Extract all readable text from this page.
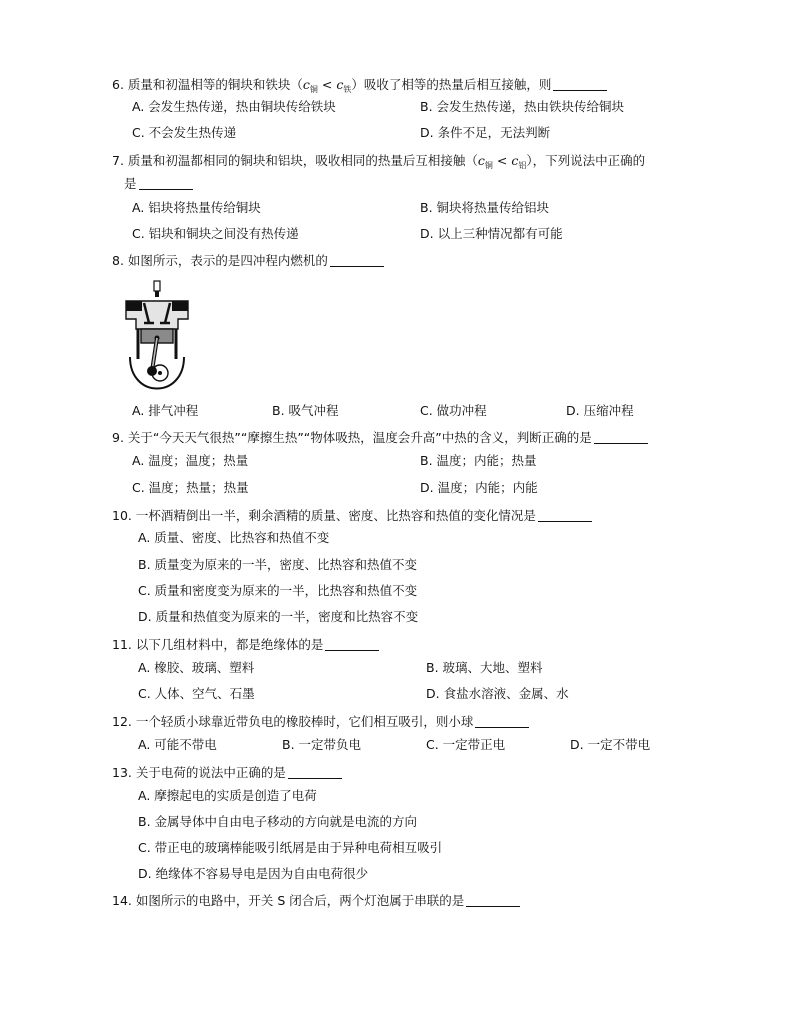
6. 质量和初温相等的铜块和铁块$(c_铜 < c_铁)$吸收了相等的热量后相互接触，则
A. 会发生热传递，热由铜块传给铁块	B. 会发生热传递，热由铁块传给铜块
C. 不会发生热传递	D. 条件不足，无法判断
7. 质量和初温都相同的铜块和铝块，吸收相同的热量后互相接触$(c_铜 < c_铝)$，下列说法中正确的
是
A. 铝块将热量传给铜块	B. 铜块将热量传给铝块
C. 铝块和铜块之间没有热传递	D. 以上三种情况都有可能
8. 如图所示，表示的是四冲程内燃机的
A. 排气冲程	B. 吸气冲程	C. 做功冲程	D. 压缩冲程
9. 关于“今天天气很热”“摩擦生热”“物体吸热，温度会升高”中热的含义，判断正确的是
A. 温度；温度；热量	B. 温度；内能；热量
C. 温度；热量；热量	D. 温度；内能；内能
10. 一杯酒精倒出一半，剩余酒精的质量、密度、比热容和热值的变化情况是
A. 质量、密度、比热容和热值不变
B. 质量变为原来的一半，密度、比热容和热值不变
C. 质量和密度变为原来的一半，比热容和热值不变
D. 质量和热值变为原来的一半，密度和比热容不变
11. 以下几组材料中，都是绝缘体的是
A. 橡胶、玻璃、塑料	B. 玻璃、大地、塑料
C. 人体、空气、石墨	D. 食盐水溶液、金属、水
12. 一个轻质小球靠近带负电的橡胶棒时，它们相互吸引，则小球
A. 可能不带电	B. 一定带负电	C. 一定带正电	D. 一定不带电
13. 关于电荷的说法中正确的是
A. 摩擦起电的实质是创造了电荷
B. 金属导体中自由电子移动的方向就是电流的方向
C. 带正电的玻璃棒能吸引纸屑是由于异种电荷相互吸引
D. 绝缘体不容易导电是因为自由电荷很少
14. 如图所示的电路中，开关 S 闭合后，两个灯泡属于串联的是
